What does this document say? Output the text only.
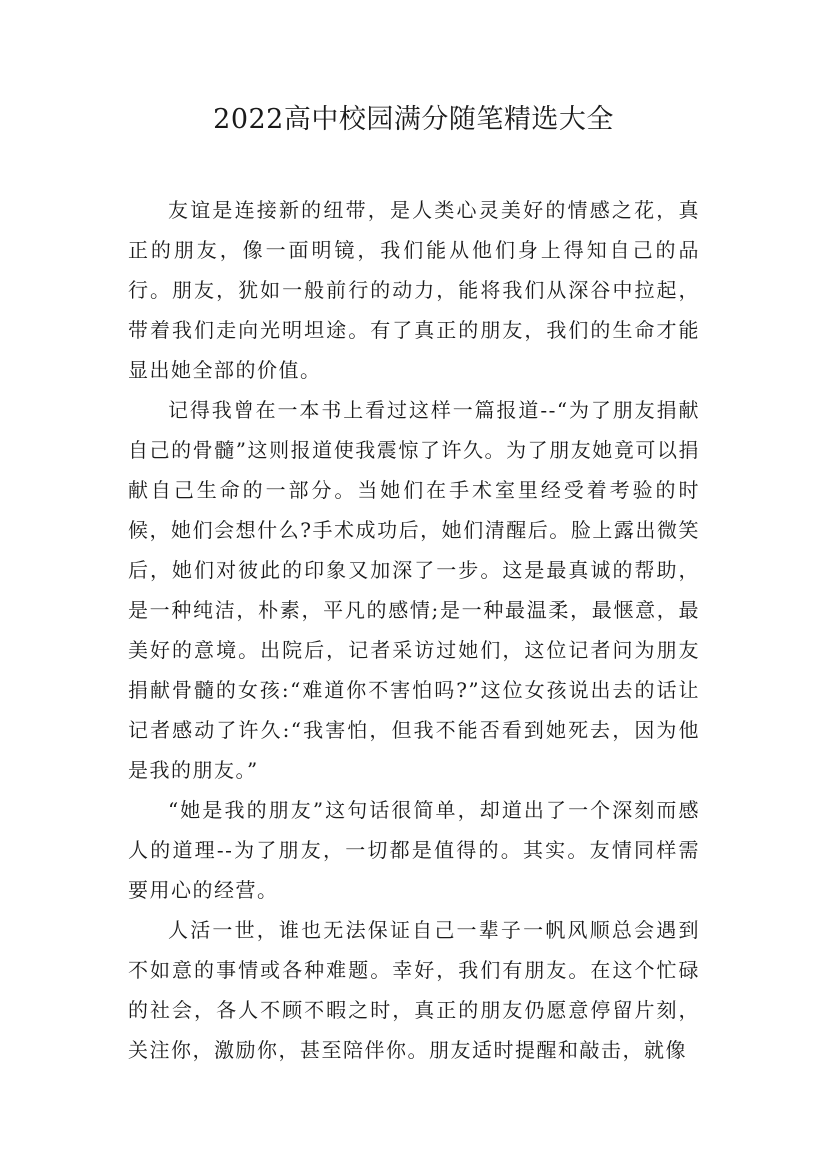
2022高中校园满分随笔精选大全

友谊是连接新的纽带，是人类心灵美好的情感之花，真正的朋友，像一面明镜，我们能从他们身上得知自己的品行。朋友，犹如一般前行的动力，能将我们从深谷中拉起，带着我们走向光明坦途。有了真正的朋友，我们的生命才能显出她全部的价值。

记得我曾在一本书上看过这样一篇报道--“为了朋友捐献自己的骨髓”这则报道使我震惊了许久。为了朋友她竟可以捐献自己生命的一部分。当她们在手术室里经受着考验的时候，她们会想什么?手术成功后，她们清醒后。脸上露出微笑后，她们对彼此的印象又加深了一步。这是最真诚的帮助，是一种纯洁，朴素，平凡的感情;是一种最温柔，最惬意，最美好的意境。出院后，记者采访过她们，这位记者问为朋友捐献骨髓的女孩:“难道你不害怕吗?”这位女孩说出去的话让记者感动了许久:“我害怕，但我不能否看到她死去，因为他是我的朋友。”

“她是我的朋友”这句话很简单，却道出了一个深刻而感人的道理--为了朋友，一切都是值得的。其实。友情同样需要用心的经营。

人活一世，谁也无法保证自己一辈子一帆风顺总会遇到不如意的事情或各种难题。幸好，我们有朋友。在这个忙碌的社会，各人不顾不暇之时，真正的朋友仍愿意停留片刻，关注你，激励你，甚至陪伴你。朋友适时提醒和敲击，就像
